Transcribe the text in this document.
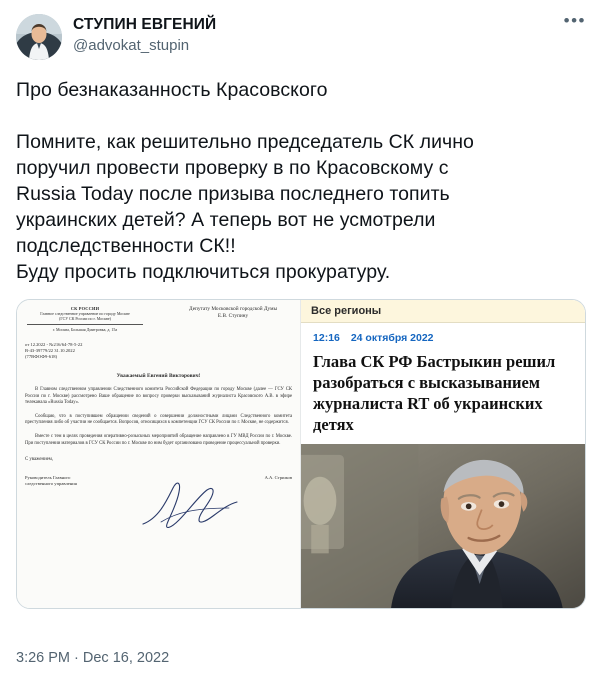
СТУПИН ЕВГЕНИЙ
@advokat_stupin
•••
Про безнаказанность Красовского
Помните, как решительно председатель СК лично
поручил провести проверку в по Красовскому с
Russia Today после призыва последнего топить
украинских детей? А теперь вот не усмотрели
подследственности СК!!
Буду просить подключиться прокуратуру.
СК РОССИИ
Главное следственное управление по городу Москве
(ГСУ СК России по г. Москве)
г. Москва, Большая Дмитровка, д. 15а
Депутату Московской городской Думы
Е.В. Ступину
от 12.2022 - №216/64-78-5-22
В-43-39779/22 31.10.2022
(77ВФОФ9-618)
Уважаемый Евгений Викторович!
В Главном следственном управлении Следственного комитета Российской Федерации по городу Москве (далее — ГСУ СК России по г. Москве) рассмотрено Ваше обращение по вопросу проверки высказываний журналиста Красовского А.В. в эфире телеканала «Russia Today».
Сообщаю, что в поступившем обращении сведений о совершении должностными лицами Следственного комитета преступления либо об участии не сообщается. Вопросов, относящихся к компетенции ГСУ СК России по г. Москве, не содержится.
Вместе с тем в целях проведения оперативно-розыскных мероприятий обращение направлено в ГУ МВД России по г. Москве. При поступлении материалов в ГСУ СК России по г. Москве по ним будет организовано проведение процессуальной проверки.
С уважением,
Руководитель Главного
следственного управления
А.А. Стрижов
Все регионы
12:16 24 октября 2022
Глава СК РФ Бастрыкин решил разобраться с высказыванием журналиста RT об украинских детях
3:26 PM · Dec 16, 2022
